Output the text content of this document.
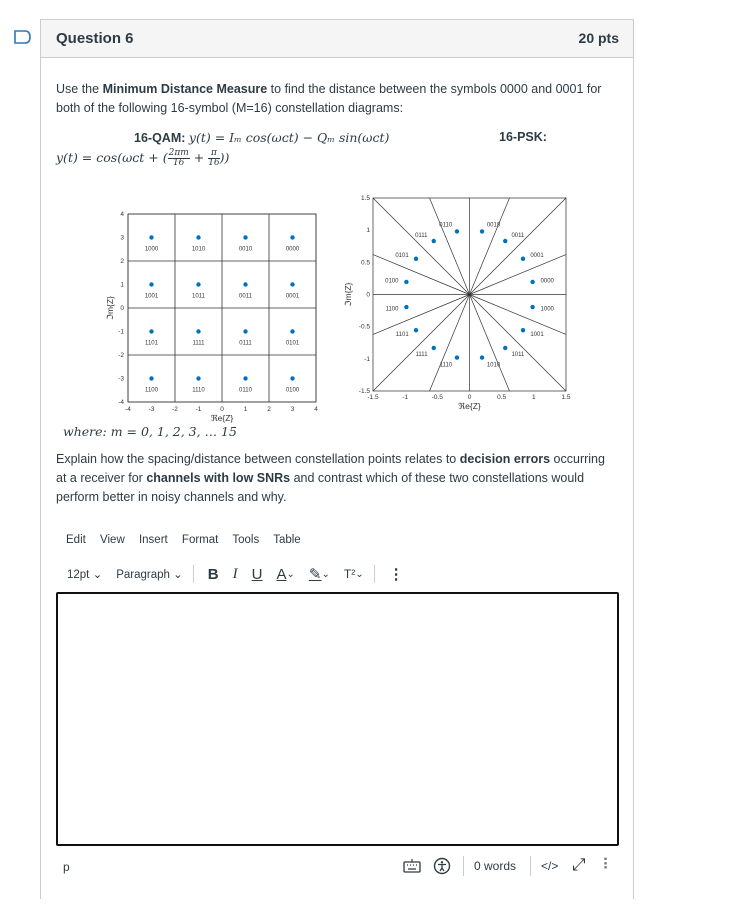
Question 6	20 pts
Use the Minimum Distance Measure to find the distance between the symbols 0000 and 0001 for
both of the following 16-symbol (M=16) constellation diagrams:
16-QAM: y(t) = Iₘ cos(ωᴄt) − Qₘ sin(ωᴄt)	16-PSK:
y(t) = cos(ωᴄt + ( $\frac{2\pi m}{16} + \frac{\pi}{16}$ ))
-4	-3	-2	-1	0	1	2	3	4
4
3
2
1
0
-1
-2
-3
-4
ℜe{Z}
ℑm{Z}
1000	1010	0010	0000
1001	1011	0011	0001
1101	1111	0111	0101
1100	1110	0110	0100
-1.5	-1	-0.5	0	0.5	1	1.5
1.5
1
0.5
0
-0.5
-1
-1.5
ℜe{Z}
ℑm{Z}
0000
0001
0011
0010
0110
0111
0101
0100
1100
1101
1111
1110	1010
1011
1001
1000
where: m = 0, 1, 2, 3, … 15
Explain how the spacing/distance between constellation points relates to decision errors occurring
at a receiver for channels with low SNRs and contrast which of these two constellations would
perform better in noisy channels and why.
Edit View Insert Format Tools Table
12pt ⌄ Paragraph ⌄ B I U A ⌄ ✎ ⌄ T² ⌄ ⋮
p	0 words </> ⤢ ⠇
